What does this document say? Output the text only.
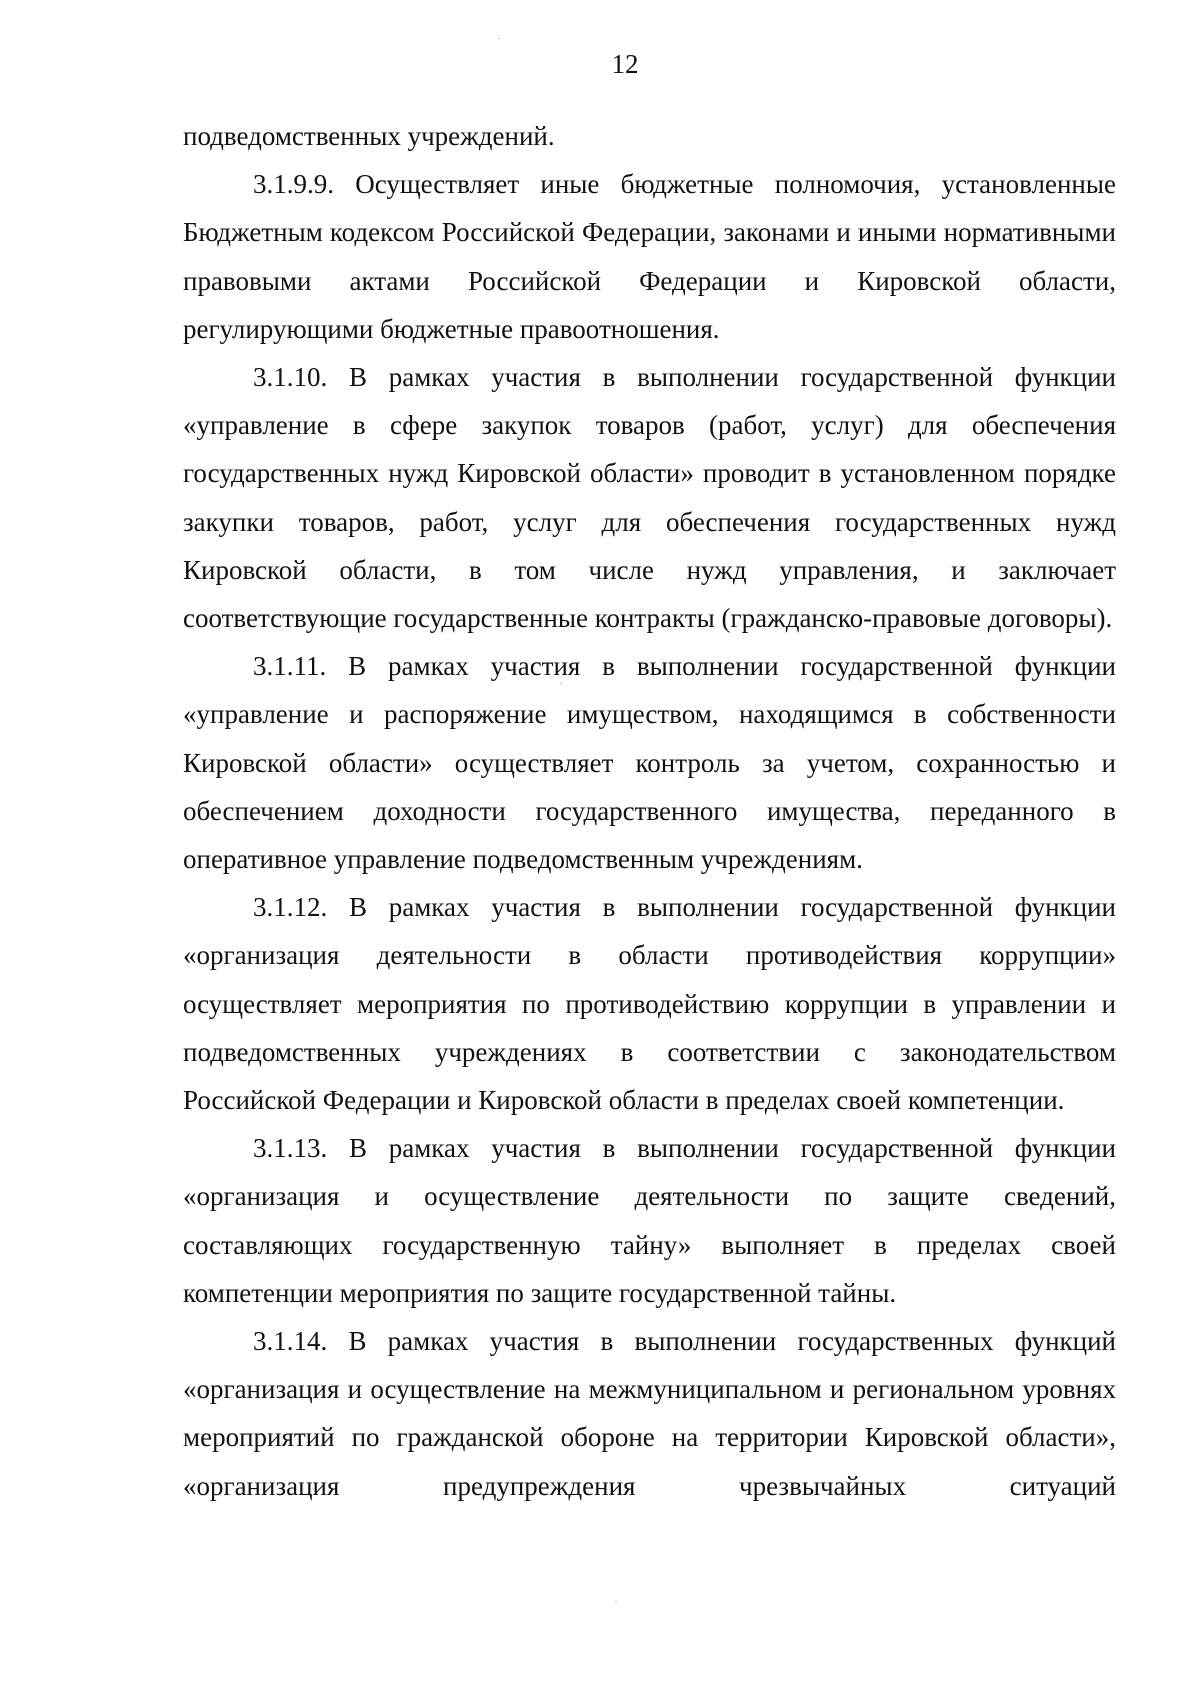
12

подведомственных учреждений.

3.1.9.9. Осуществляет иные бюджетные полномочия, установленные Бюджетным кодексом Российской Федерации, законами и иными нормативными правовыми актами Российской Федерации и Кировской области, регулирующими бюджетные правоотношения.

3.1.10. В рамках участия в выполнении государственной функции «управление в сфере закупок товаров (работ, услуг) для обеспечения государственных нужд Кировской области» проводит в установленном порядке закупки товаров, работ, услуг для обеспечения государственных нужд Кировской области, в том числе нужд управления, и заключает соответствующие государственные контракты (гражданско-правовые договоры).

3.1.11. В рамках участия в выполнении государственной функции «управление и распоряжение имуществом, находящимся в собственности Кировской области» осуществляет контроль за учетом, сохранностью и обеспечением доходности государственного имущества, переданного в оперативное управление подведомственным учреждениям.

3.1.12. В рамках участия в выполнении государственной функции «организация деятельности в области противодействия коррупции» осуществляет мероприятия по противодействию коррупции в управлении и подведомственных учреждениях в соответствии с законодательством Российской Федерации и Кировской области в пределах своей компетенции.

3.1.13. В рамках участия в выполнении государственной функции «организация и осуществление деятельности по защите сведений, составляющих государственную тайну» выполняет в пределах своей компетенции мероприятия по защите государственной тайны.

3.1.14. В рамках участия в выполнении государственных функций «организация и осуществление на межмуниципальном и региональном уровнях мероприятий по гражданской обороне на территории Кировской области», «организация предупреждения чрезвычайных ситуаций
